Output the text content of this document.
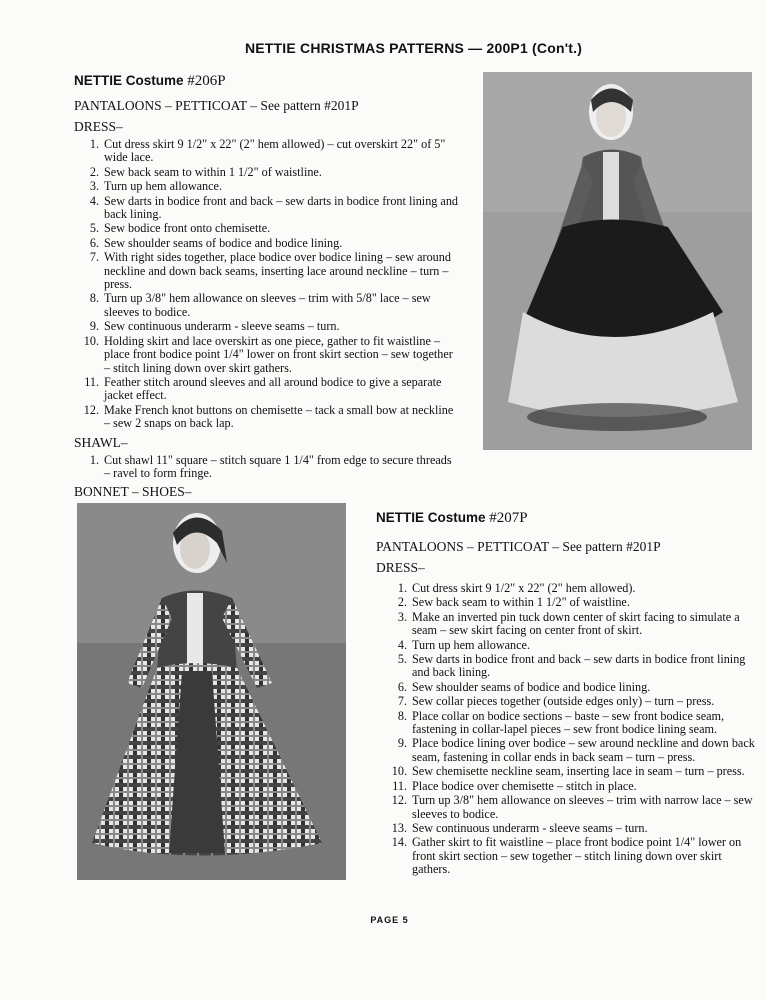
NETTIE CHRISTMAS PATTERNS — 200P1 (Con't.)
NETTIE Costume #206P
PANTALOONS – PETTICOAT – See pattern #201P
DRESS–
1. Cut dress skirt 9 1/2" x 22" (2" hem allowed) – cut overskirt 22" of 5" wide lace.
2. Sew back seam to within 1 1/2" of waistline.
3. Turn up hem allowance.
4. Sew darts in bodice front and back – sew darts in bodice front lining and back lining.
5. Sew bodice front onto chemisette.
6. Sew shoulder seams of bodice and bodice lining.
7. With right sides together, place bodice over bodice lining – sew around neckline and down back seams, inserting lace around neckline – turn – press.
8. Turn up 3/8" hem allowance on sleeves – trim with 5/8" lace – sew sleeves to bodice.
9. Sew continuous underarm - sleeve seams – turn.
10. Holding skirt and lace overskirt as one piece, gather to fit waistline – place front bodice point 1/4" lower on front skirt section – sew together – stitch lining down over skirt gathers.
11. Feather stitch around sleeves and all around bodice to give a separate jacket effect.
12. Make French knot buttons on chemisette – tack a small bow at neckline – sew 2 snaps on back lap.
SHAWL–
1. Cut shawl 11" square – stitch square 1 1/4" from edge to secure threads – ravel to form fringe.
BONNET – SHOES–
NETTIE Costume #207P
PANTALOONS – PETTICOAT – See pattern #201P
DRESS–
1. Cut dress skirt 9 1/2" x 22" (2" hem allowed).
2. Sew back seam to within 1 1/2" of waistline.
3. Make an inverted pin tuck down center of skirt facing to simulate a seam – sew skirt facing on center front of skirt.
4. Turn up hem allowance.
5. Sew darts in bodice front and back – sew darts in bodice front lining and back lining.
6. Sew shoulder seams of bodice and bodice lining.
7. Sew collar pieces together (outside edges only) – turn – press.
8. Place collar on bodice sections – baste – sew front bodice seam, fastening in collar-lapel pieces – sew front bodice lining seam.
9. Place bodice lining over bodice – sew around neckline and down back seam, fastening in collar ends in back seam – turn – press.
10. Sew chemisette neckline seam, inserting lace in seam – turn – press.
11. Place bodice over chemisette – stitch in place.
12. Turn up 3/8" hem allowance on sleeves – trim with narrow lace – sew sleeves to bodice.
13. Sew continuous underarm - sleeve seams – turn.
14. Gather skirt to fit waistline – place front bodice point 1/4" lower on front skirt section – sew together – stitch lining down over skirt gathers.
PAGE 5
